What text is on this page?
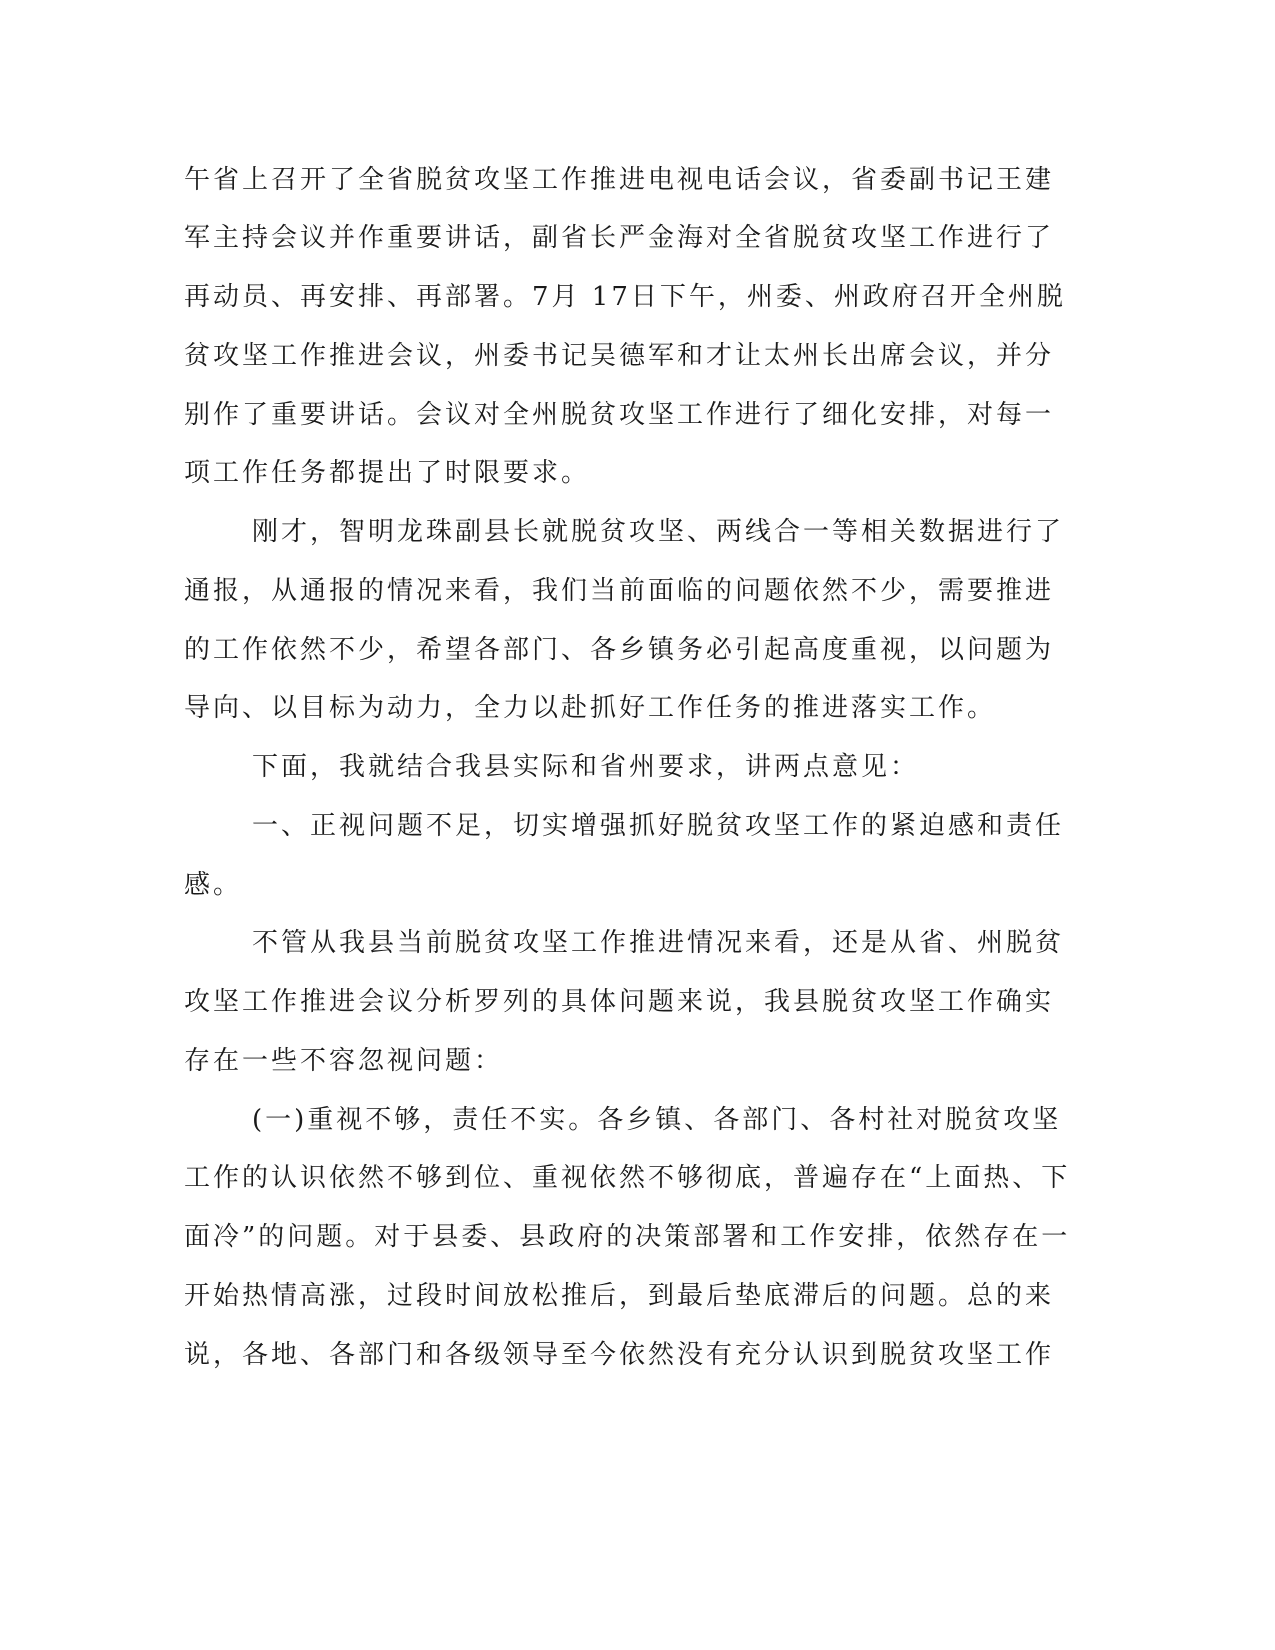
午省上召开了全省脱贫攻坚工作推进电视电话会议，省委副书记王建
军主持会议并作重要讲话，副省长严金海对全省脱贫攻坚工作进行了
再动员、再安排、再部署。7月 17日下午，州委、州政府召开全州脱
贫攻坚工作推进会议，州委书记吴德军和才让太州长出席会议，并分
别作了重要讲话。会议对全州脱贫攻坚工作进行了细化安排，对每一
项工作任务都提出了时限要求。
刚才，智明龙珠副县长就脱贫攻坚、两线合一等相关数据进行了
通报，从通报的情况来看，我们当前面临的问题依然不少，需要推进
的工作依然不少，希望各部门、各乡镇务必引起高度重视，以问题为
导向、以目标为动力，全力以赴抓好工作任务的推进落实工作。
下面，我就结合我县实际和省州要求，讲两点意见：
一、正视问题不足，切实增强抓好脱贫攻坚工作的紧迫感和责任
感。
不管从我县当前脱贫攻坚工作推进情况来看，还是从省、州脱贫
攻坚工作推进会议分析罗列的具体问题来说，我县脱贫攻坚工作确实
存在一些不容忽视问题：
(一)重视不够，责任不实。各乡镇、各部门、各村社对脱贫攻坚
工作的认识依然不够到位、重视依然不够彻底，普遍存在“上面热、下
面冷”的问题。对于县委、县政府的决策部署和工作安排，依然存在一
开始热情高涨，过段时间放松推后，到最后垫底滞后的问题。总的来
说，各地、各部门和各级领导至今依然没有充分认识到脱贫攻坚工作
